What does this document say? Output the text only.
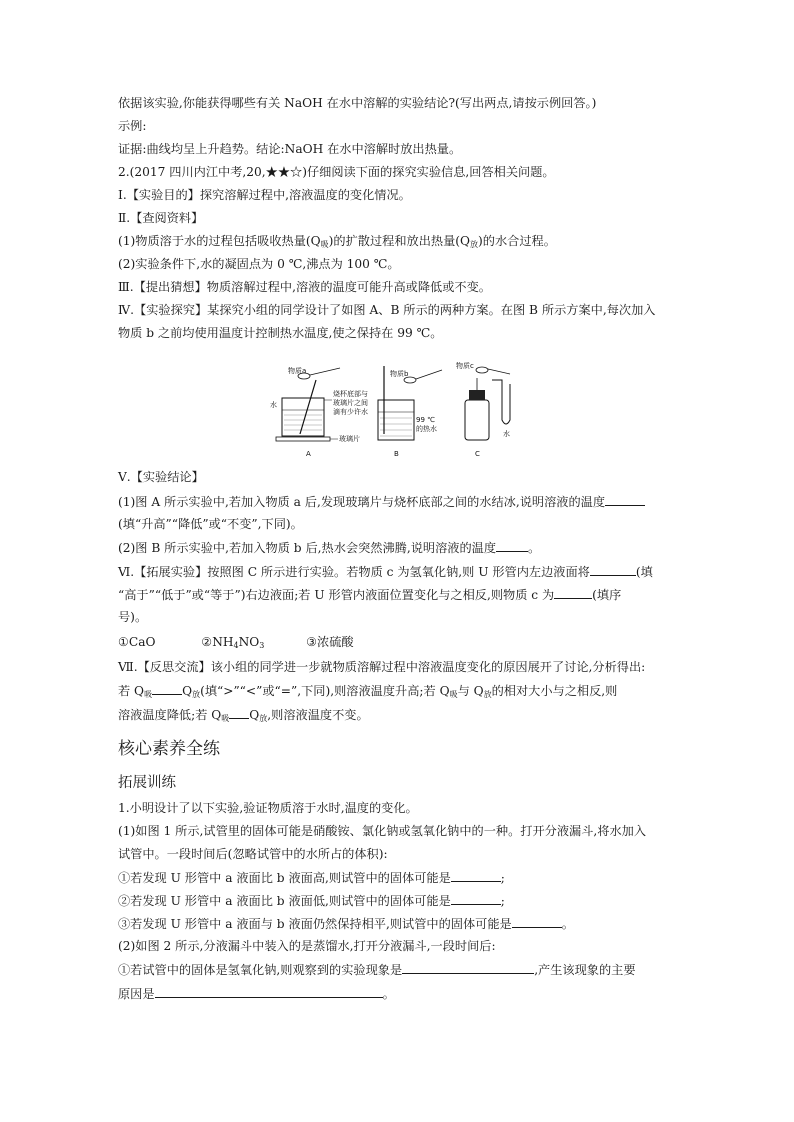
依据该实验,你能获得哪些有关 NaOH 在水中溶解的实验结论?(写出两点,请按示例回答。)
示例:
证据:曲线均呈上升趋势。结论:NaOH 在水中溶解时放出热量。
2.(2017 四川内江中考,20,★★☆)仔细阅读下面的探究实验信息,回答相关问题。
Ⅰ.【实验目的】探究溶解过程中,溶液温度的变化情况。
Ⅱ.【查阅资料】
(1)物质溶于水的过程包括吸收热量$(Q_吸)$的扩散过程和放出热量$(Q_放)$的水合过程。
(2)实验条件下,水的凝固点为 0 ℃,沸点为 100 ℃。
Ⅲ.【提出猜想】物质溶解过程中,溶液的温度可能升高或降低或不变。
Ⅳ.【实验探究】某探究小组的同学设计了如图 A、B 所示的两种方案。在图 B 所示方案中,每次加入
物质 b 之前均使用温度计控制热水温度,使之保持在 99 ℃。
物质a
水
烧杯底部与
玻璃片之间
滴有少许水
玻璃片
A
物质b
99 ℃
的热水
B
物质c
水
C
Ⅴ.【实验结论】
(1)图 A 所示实验中,若加入物质 a 后,发现玻璃片与烧杯底部之间的水结冰,说明溶液的温度
(填“升高”“降低”或“不变”,下同)。
(2)图 B 所示实验中,若加入物质 b 后,热水会突然沸腾,说明溶液的温度	。
Ⅵ.【拓展实验】按照图 C 所示进行实验。若物质 c 为氢氧化钠,则 U 形管内左边液面将	(填
“高于”“低于”或“等于”)右边液面;若 U 形管内液面位置变化与之相反,则物质 c 为	(填序
号)。
①CaO	$②NH_4NO_3$	③浓硫酸
Ⅶ.【反思交流】该小组的同学进一步就物质溶解过程中溶液温度变化的原因展开了讨论,分析得出:
若 $Q_吸$ $Q_放$(填“>”“<”或“=”,下同),则溶液温度升高;若 $Q_吸$与 $Q_放$的相对大小与之相反,则
溶液温度降低;若 $Q_吸$ $Q_放$,则溶液温度不变。
核心素养全练
拓展训练
1.小明设计了以下实验,验证物质溶于水时,温度的变化。
(1)如图 1 所示,试管里的固体可能是硝酸铵、氯化钠或氢氧化钠中的一种。打开分液漏斗,将水加入
试管中。一段时间后(忽略试管中的水所占的体积):
①若发现 U 形管中 a 液面比 b 液面高,则试管中的固体可能是	;
②若发现 U 形管中 a 液面比 b 液面低,则试管中的固体可能是	;
③若发现 U 形管中 a 液面与 b 液面仍然保持相平,则试管中的固体可能是	。
(2)如图 2 所示,分液漏斗中装入的是蒸馏水,打开分液漏斗,一段时间后:
①若试管中的固体是氢氧化钠,则观察到的实验现象是	,产生该现象的主要
原因是	。
